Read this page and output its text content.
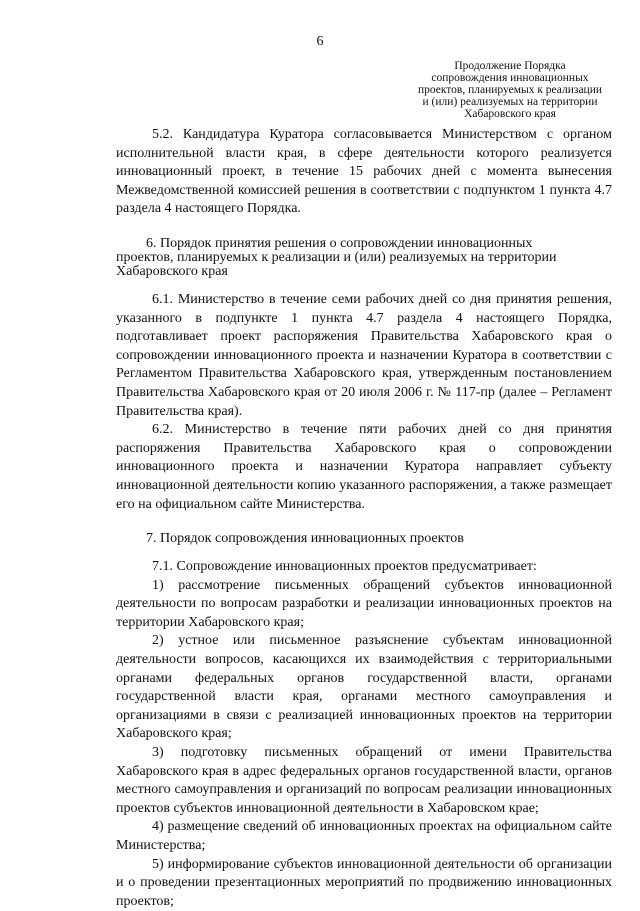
6
Продолжение Порядка
сопровождения инновационных
проектов, планируемых к реализации
и (или) реализуемых на территории
Хабаровского края

5.2. Кандидатура Куратора согласовывается Министерством с органом исполнительной власти края, в сфере деятельности которого реализуется инновационный проект, в течение 15 рабочих дней с момента вынесения Межведомственной комиссией решения в соответствии с подпунктом 1 пункта 4.7 раздела 4 настоящего Порядка.

6. Порядок принятия решения о сопровождении инновационных проектов, планируемых к реализации и (или) реализуемых на территории Хабаровского края

6.1. Министерство в течение семи рабочих дней со дня принятия решения, указанного в подпункте 1 пункта 4.7 раздела 4 настоящего Порядка, подготавливает проект распоряжения Правительства Хабаровского края о сопровождении инновационного проекта и назначении Куратора в соответствии с Регламентом Правительства Хабаровского края, утвержденным постановлением Правительства Хабаровского края от 20 июля 2006 г. № 117-пр (далее – Регламент Правительства края).

6.2. Министерство в течение пяти рабочих дней со дня принятия распоряжения Правительства Хабаровского края о сопровождении инновационного проекта и назначении Куратора направляет субъекту инновационной деятельности копию указанного распоряжения, а также размещает его на официальном сайте Министерства.

7. Порядок сопровождения инновационных проектов

7.1. Сопровождение инновационных проектов предусматривает:

1) рассмотрение письменных обращений субъектов инновационной деятельности по вопросам разработки и реализации инновационных проектов на территории Хабаровского края;

2) устное или письменное разъяснение субъектам инновационной деятельности вопросов, касающихся их взаимодействия с территориальными органами федеральных органов государственной власти, органами государственной власти края, органами местного самоуправления и организациями в связи с реализацией инновационных проектов на территории Хабаровского края;

3) подготовку письменных обращений от имени Правительства Хабаровского края в адрес федеральных органов государственной власти, органов местного самоуправления и организаций по вопросам реализации инновационных проектов субъектов инновационной деятельности в Хабаровском крае;

4) размещение сведений об инновационных проектах на официальном сайте Министерства;

5) информирование субъектов инновационной деятельности об организации и о проведении презентационных мероприятий по продвижению инновационных проектов;
